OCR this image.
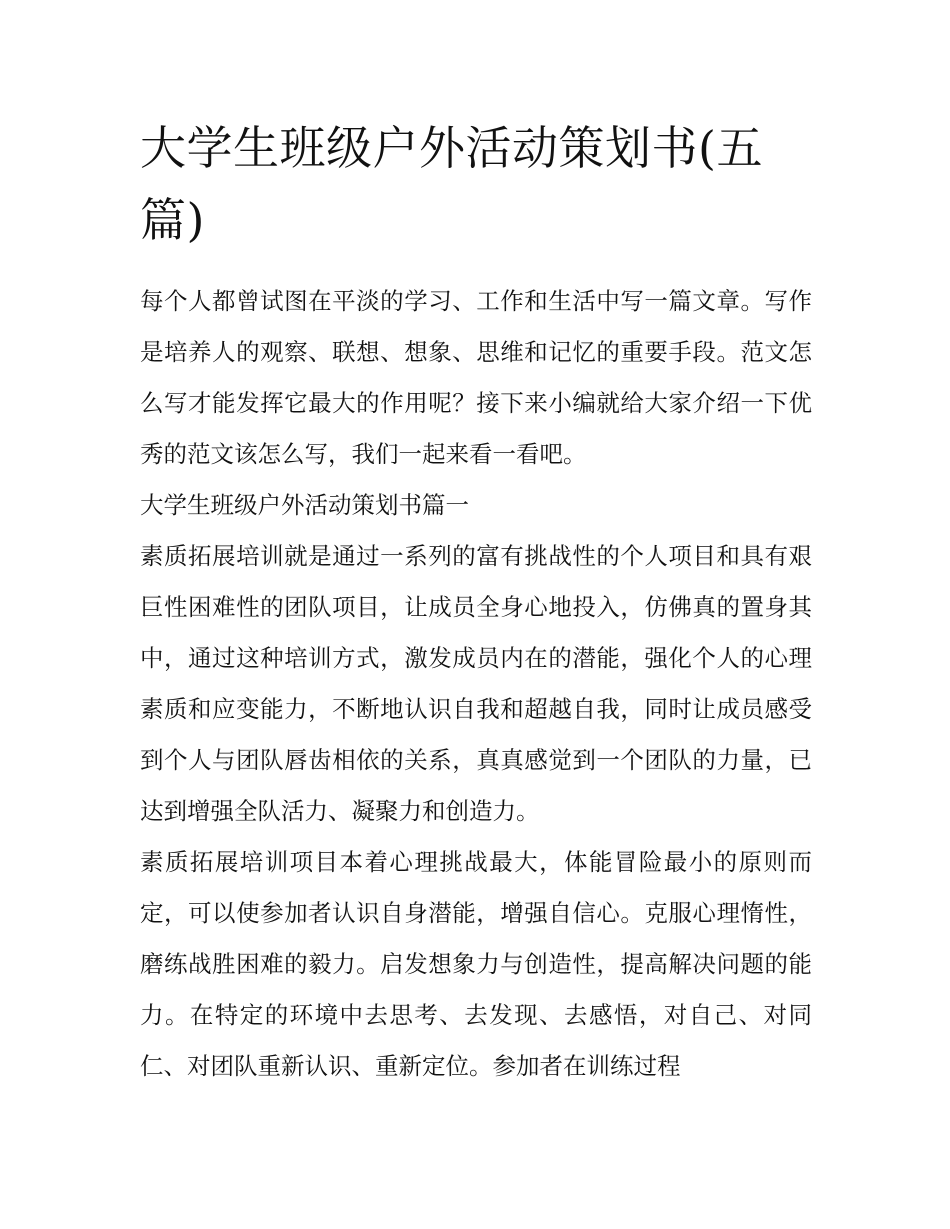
大学生班级户外活动策划书(五篇)

每个人都曾试图在平淡的学习、工作和生活中写一篇文章。写作是培养人的观察、联想、想象、思维和记忆的重要手段。范文怎么写才能发挥它最大的作用呢？接下来小编就给大家介绍一下优秀的范文该怎么写，我们一起来看一看吧。

大学生班级户外活动策划书篇一

素质拓展培训就是通过一系列的富有挑战性的个人项目和具有艰巨性困难性的团队项目，让成员全身心地投入，仿佛真的置身其中，通过这种培训方式，激发成员内在的潜能，强化个人的心理素质和应变能力，不断地认识自我和超越自我，同时让成员感受到个人与团队唇齿相依的关系，真真感觉到一个团队的力量，已达到增强全队活力、凝聚力和创造力。

素质拓展培训项目本着心理挑战最大，体能冒险最小的原则而定，可以使参加者认识自身潜能，增强自信心。克服心理惰性，磨练战胜困难的毅力。启发想象力与创造性，提高解决问题的能力。在特定的环境中去思考、去发现、去感悟，对自己、对同仁、对团队重新认识、重新定位。参加者在训练过程
